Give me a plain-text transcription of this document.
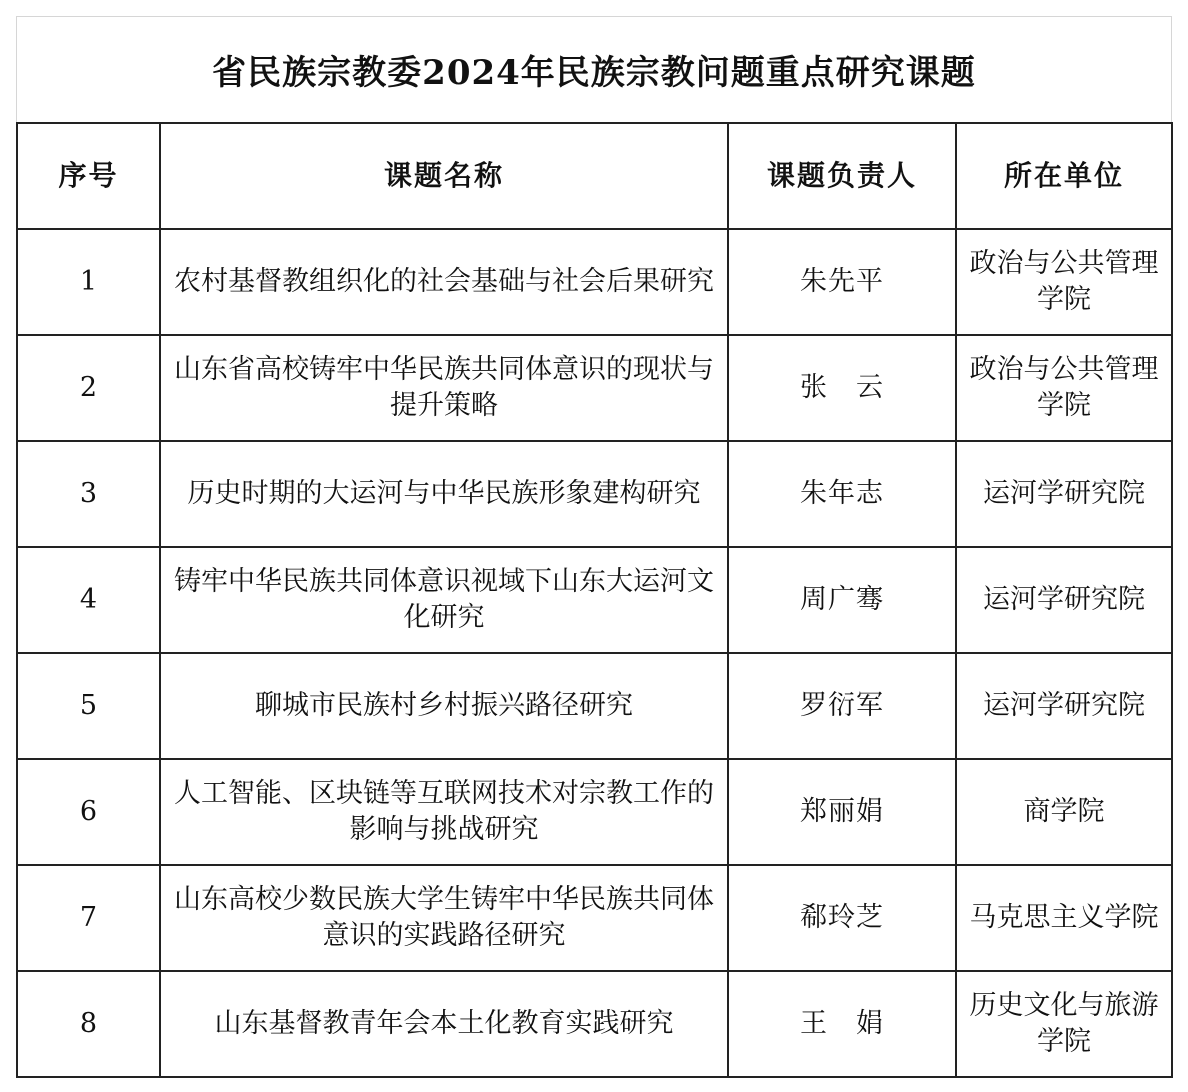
省民族宗教委2024年民族宗教问题重点研究课题
序号	课题名称	课题负责人	所在单位
1	农村基督教组织化的社会基础与社会后果研究	朱先平	政治与公共管理学院
2	山东省高校铸牢中华民族共同体意识的现状与提升策略	张　云	政治与公共管理学院
3	历史时期的大运河与中华民族形象建构研究	朱年志	运河学研究院
4	铸牢中华民族共同体意识视域下山东大运河文化研究	周广骞	运河学研究院
5	聊城市民族村乡村振兴路径研究	罗衍军	运河学研究院
6	人工智能、区块链等互联网技术对宗教工作的影响与挑战研究	郑丽娟	商学院
7	山东高校少数民族大学生铸牢中华民族共同体意识的实践路径研究	郗玲芝	马克思主义学院
8	山东基督教青年会本土化教育实践研究	王　娟	历史文化与旅游学院
